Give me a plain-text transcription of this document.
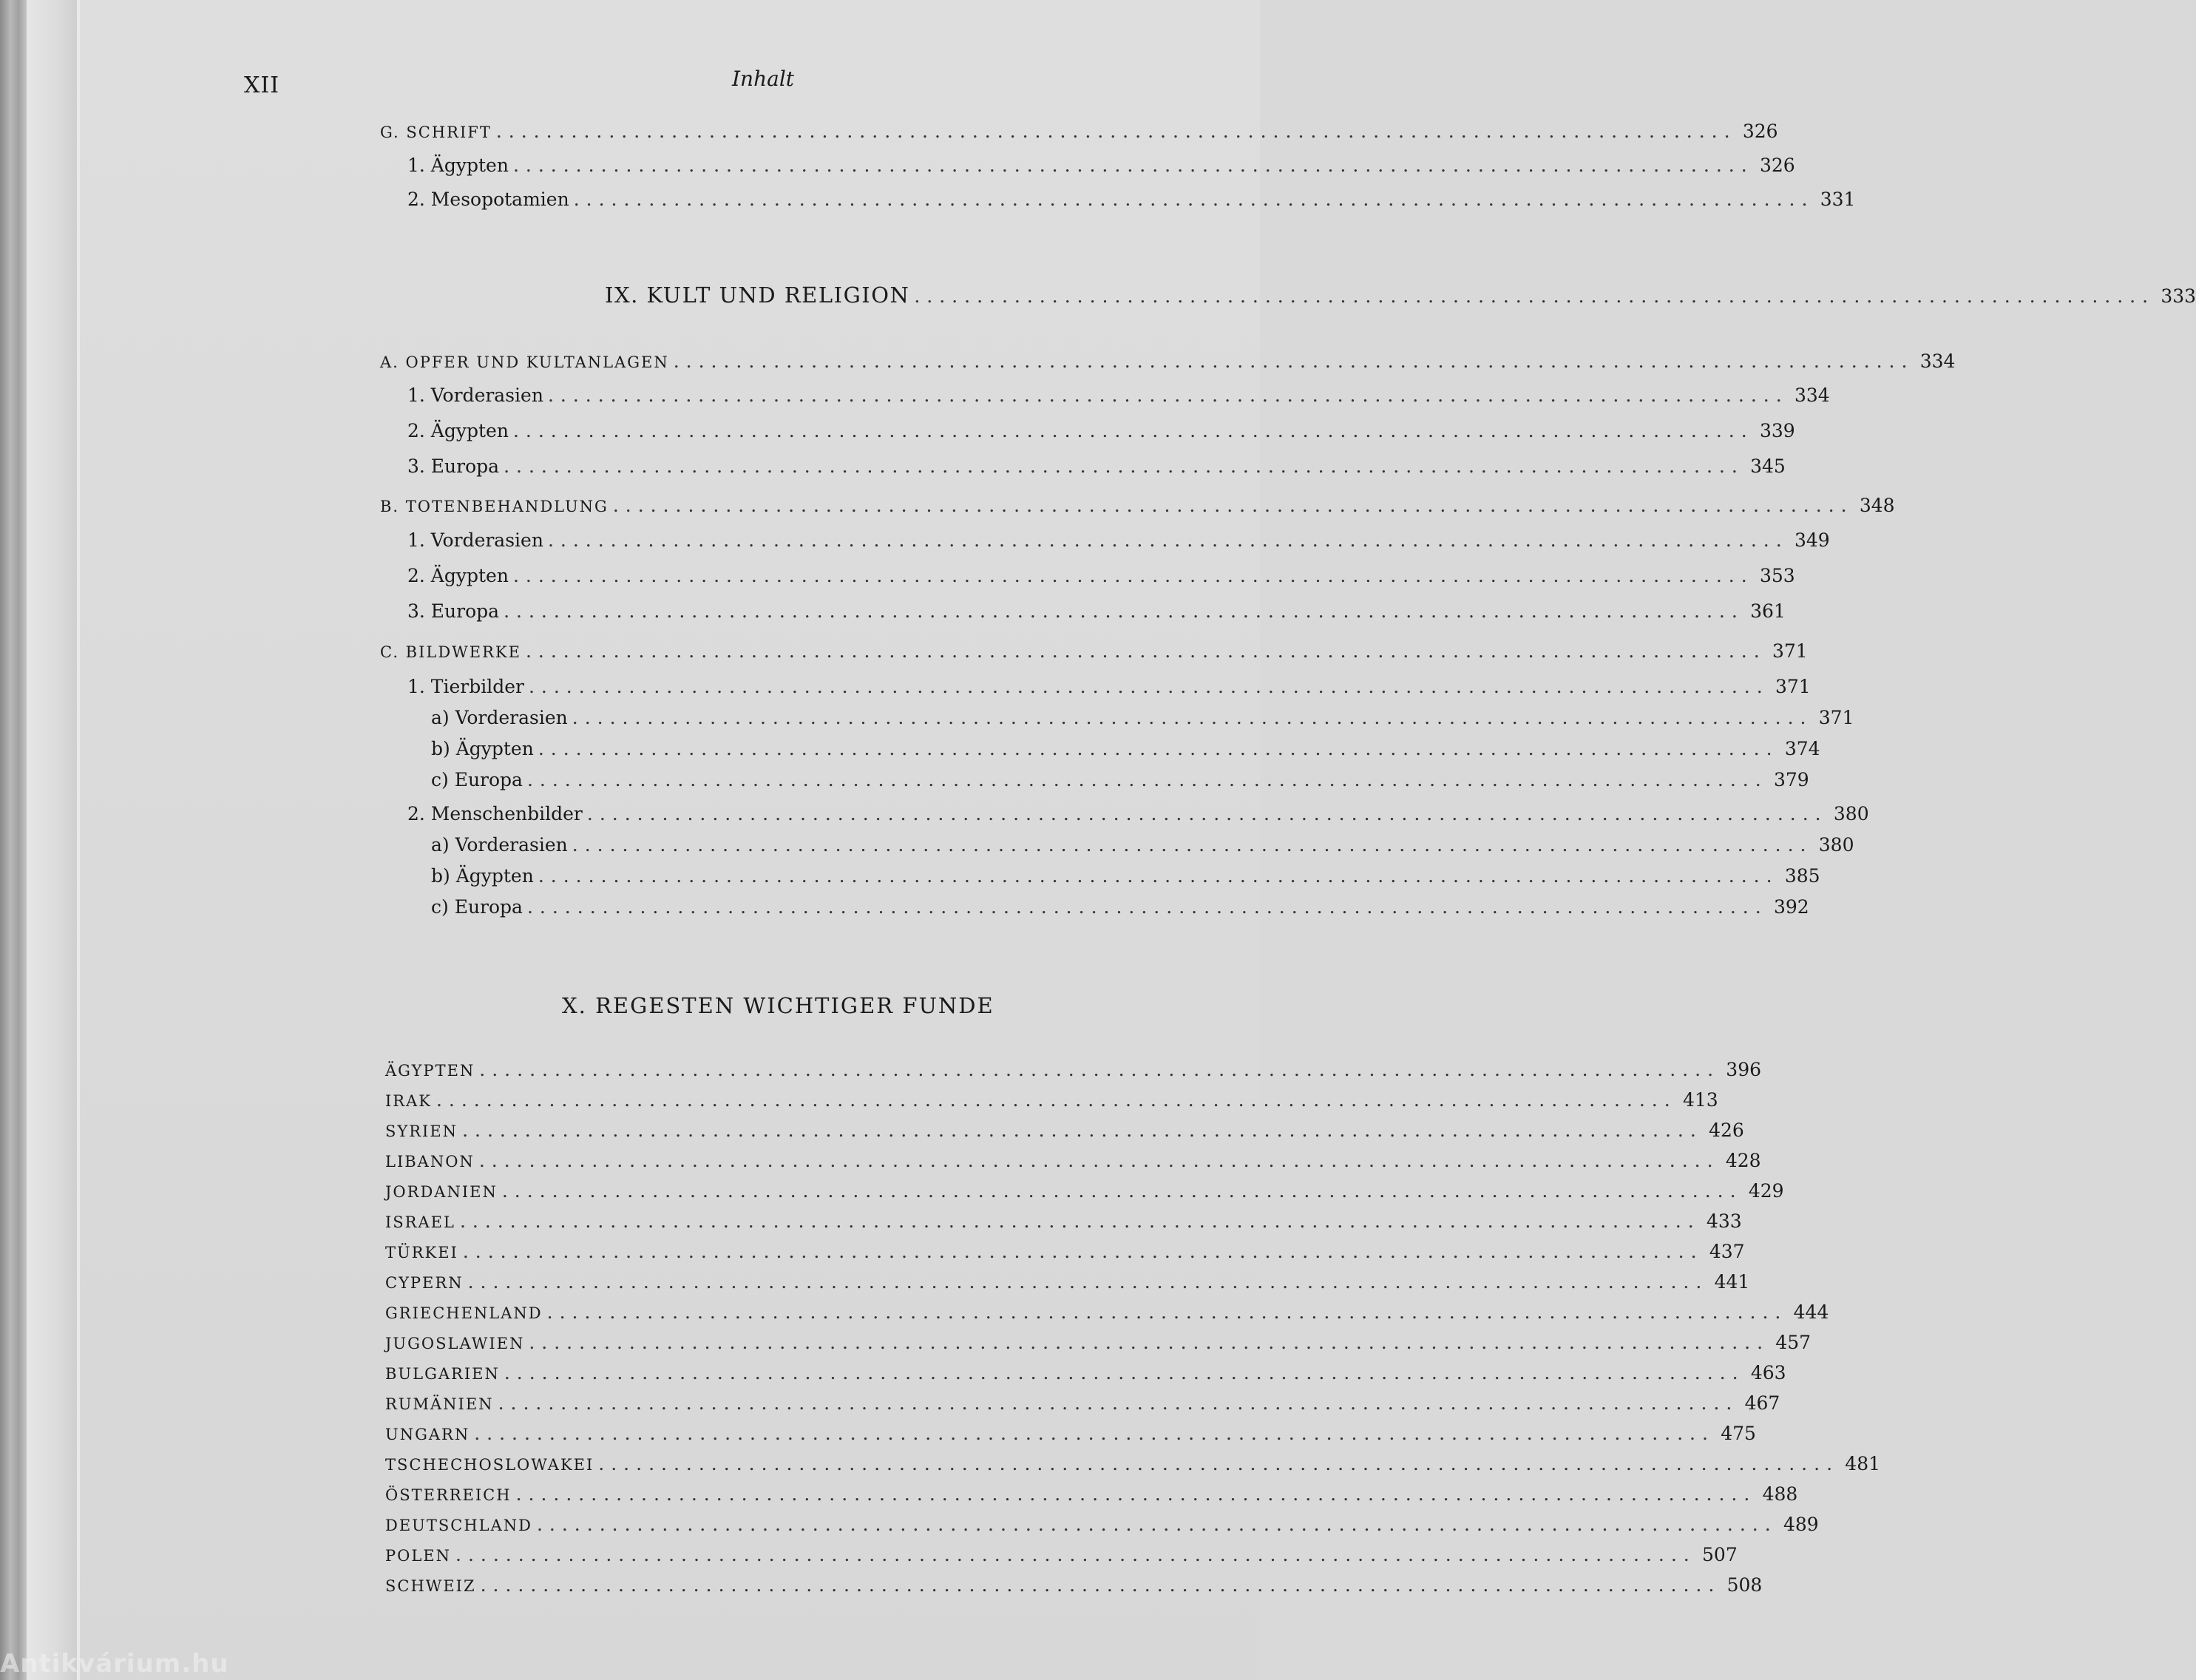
XII	Inhalt
G. SCHRIFT ................................................................................................... 326
1. Ägypten ................................................................................................... 326
2. Mesopotamien ................................................................................................... 331
IX. KULT UND RELIGION ................................................................................................... 333
A. OPFER UND KULTANLAGEN ................................................................................................... 334
1. Vorderasien ................................................................................................... 334
2. Ägypten ................................................................................................... 339
3. Europa ................................................................................................... 345
B. TOTENBEHANDLUNG ................................................................................................... 348
1. Vorderasien ................................................................................................... 349
2. Ägypten ................................................................................................... 353
3. Europa ................................................................................................... 361
C. BILDWERKE ................................................................................................... 371
1. Tierbilder ................................................................................................... 371
a) Vorderasien ................................................................................................... 371
b) Ägypten ................................................................................................... 374
c) Europa ................................................................................................... 379
2. Menschenbilder ................................................................................................... 380
a) Vorderasien ................................................................................................... 380
b) Ägypten ................................................................................................... 385
c) Europa ................................................................................................... 392
X. REGESTEN WICHTIGER FUNDE
ÄGYPTEN ................................................................................................... 396
IRAK ................................................................................................... 413
SYRIEN ................................................................................................... 426
LIBANON ................................................................................................... 428
JORDANIEN ................................................................................................... 429
ISRAEL ................................................................................................... 433
TÜRKEI ................................................................................................... 437
CYPERN ................................................................................................... 441
GRIECHENLAND ................................................................................................... 444
JUGOSLAWIEN ................................................................................................... 457
BULGARIEN ................................................................................................... 463
RUMÄNIEN ................................................................................................... 467
UNGARN ................................................................................................... 475
TSCHECHOSLOWAKEI ................................................................................................... 481
ÖSTERREICH ................................................................................................... 488
DEUTSCHLAND ................................................................................................... 489
POLEN ................................................................................................... 507
SCHWEIZ ................................................................................................... 508
Antikvárium.hu
